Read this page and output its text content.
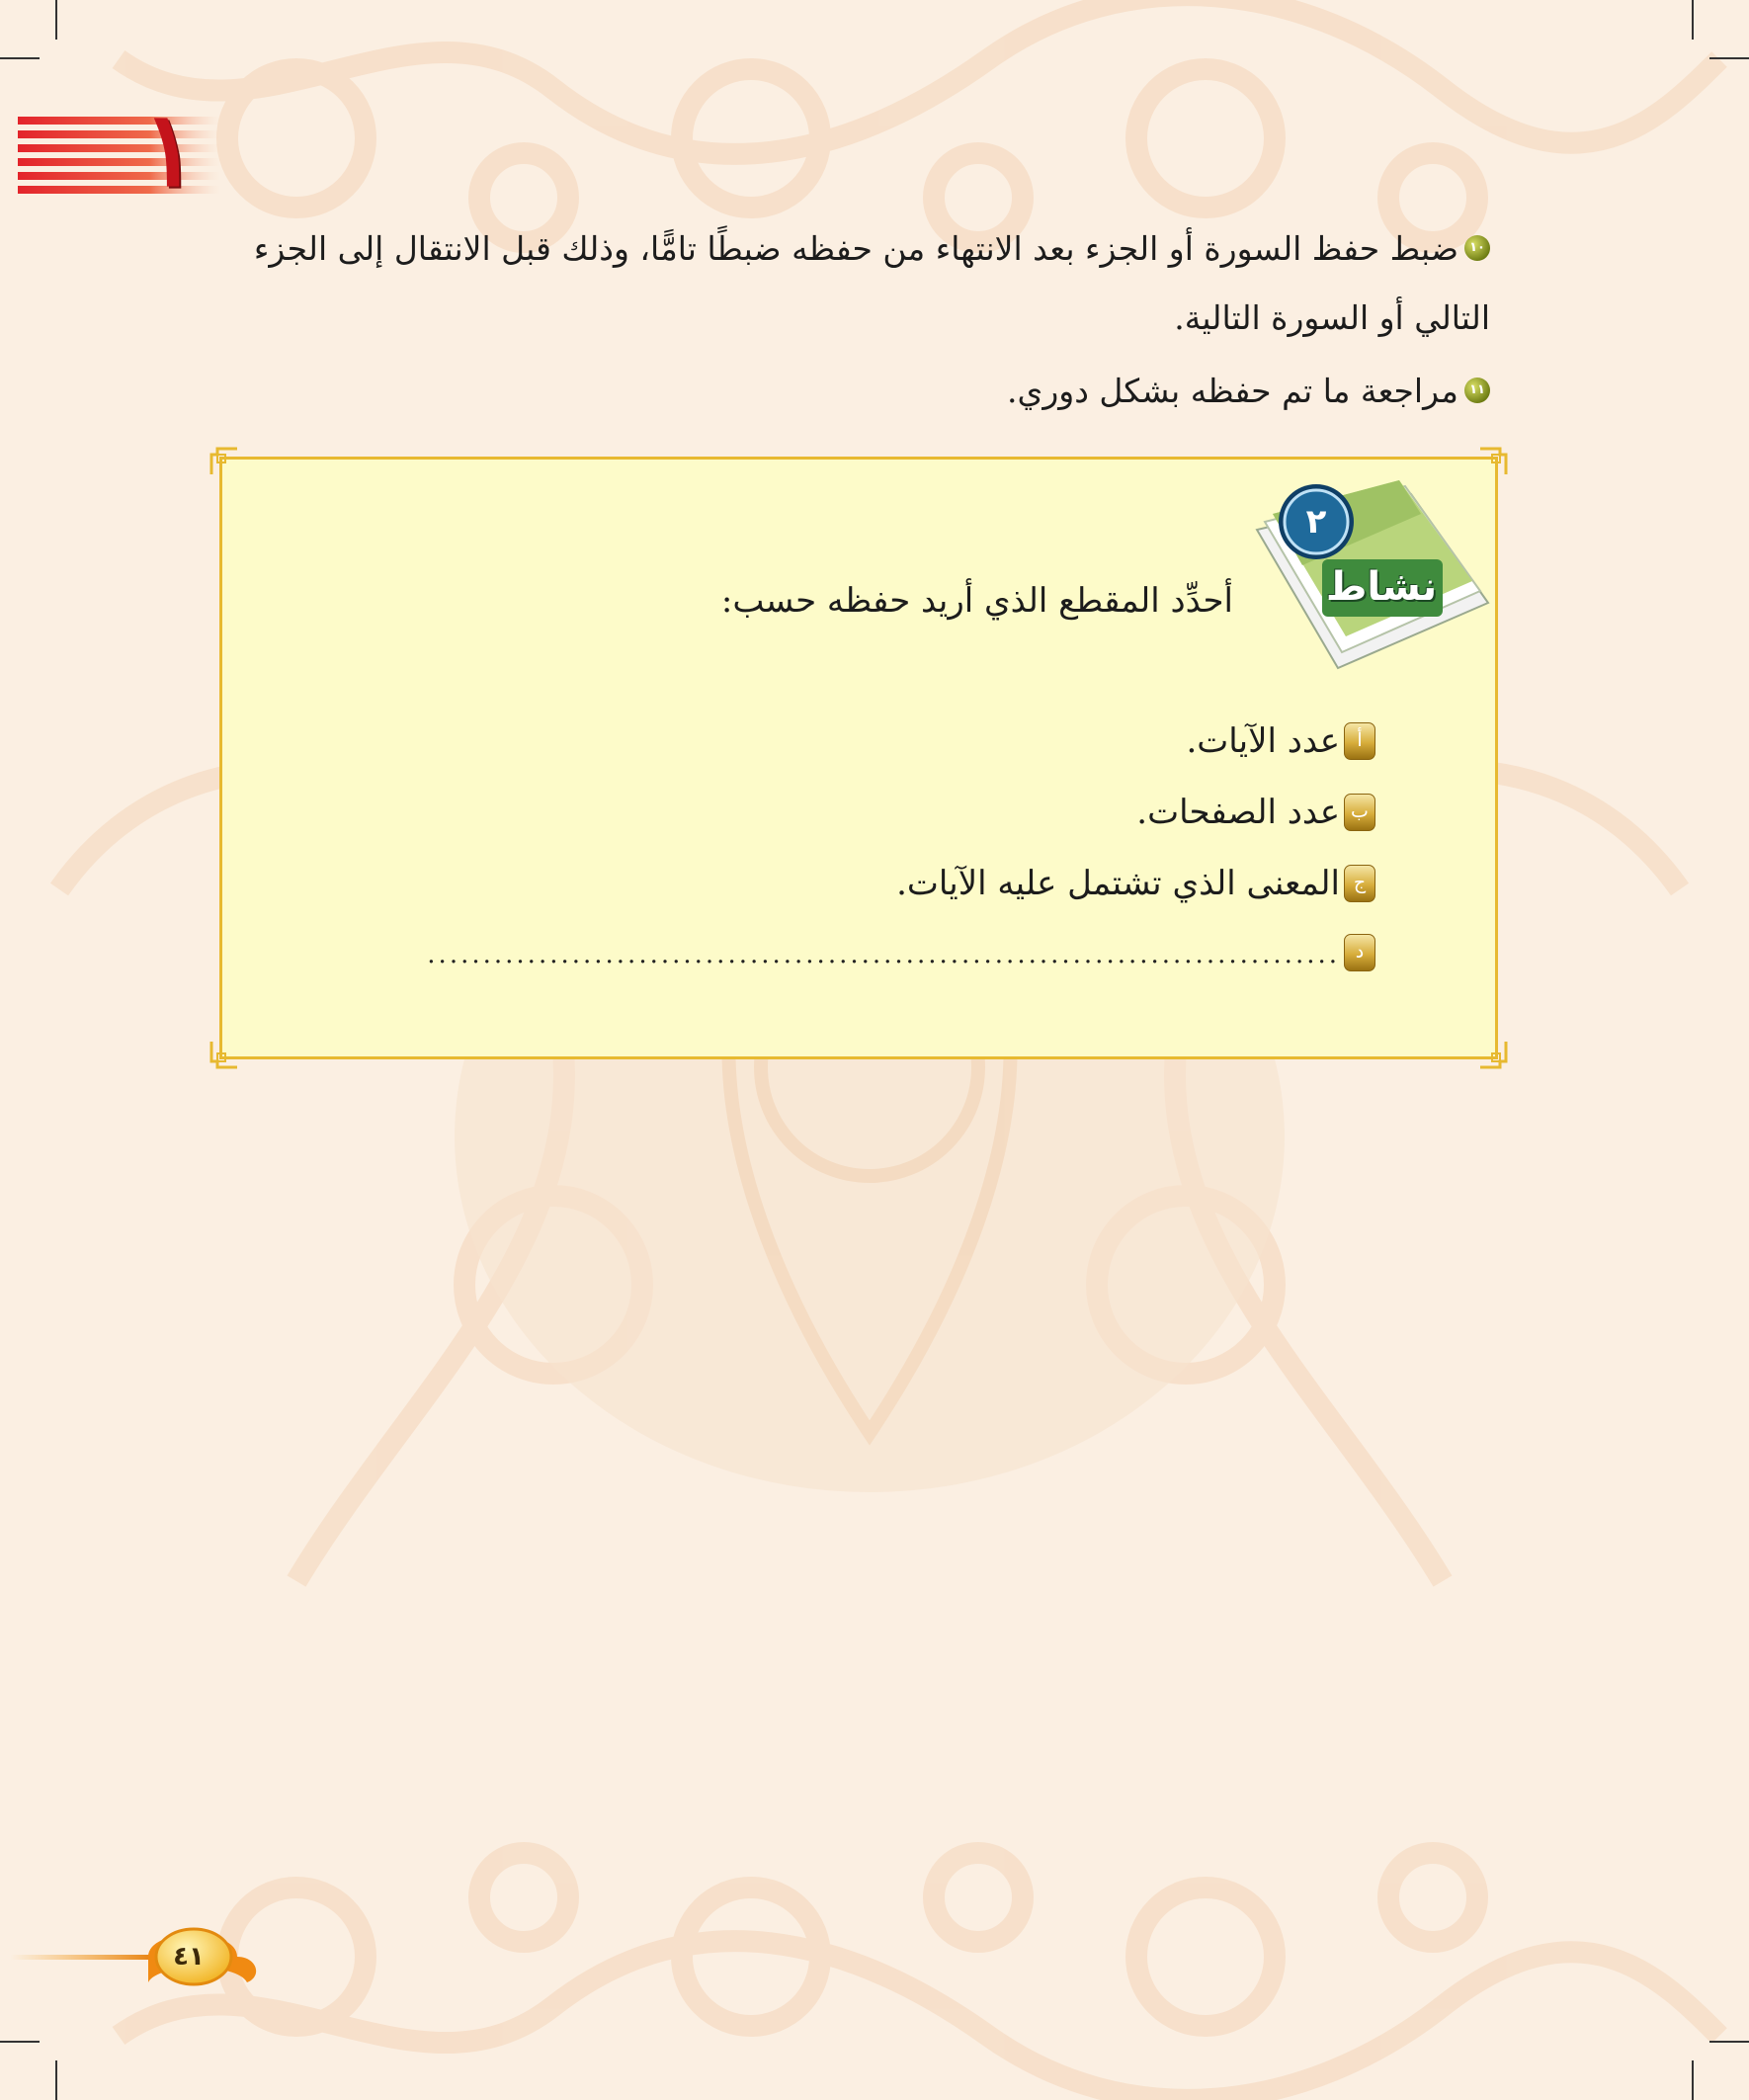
١
١٠ضبط حفظ السورة أو الجزء بعد الانتهاء من حفظه ضبطًا تامًّا، وذلك قبل الانتقال إلى الجزء
التالي أو السورة التالية.
١١مراجعة ما تم حفظه بشكل دوري.
٢
نشاط
أحدِّد المقطع الذي أريد حفظه حسب:
أعدد الآيات.
بعدد الصفحات.
جالمعنى الذي تشتمل عليه الآيات.
د..................................................................................
٤١
